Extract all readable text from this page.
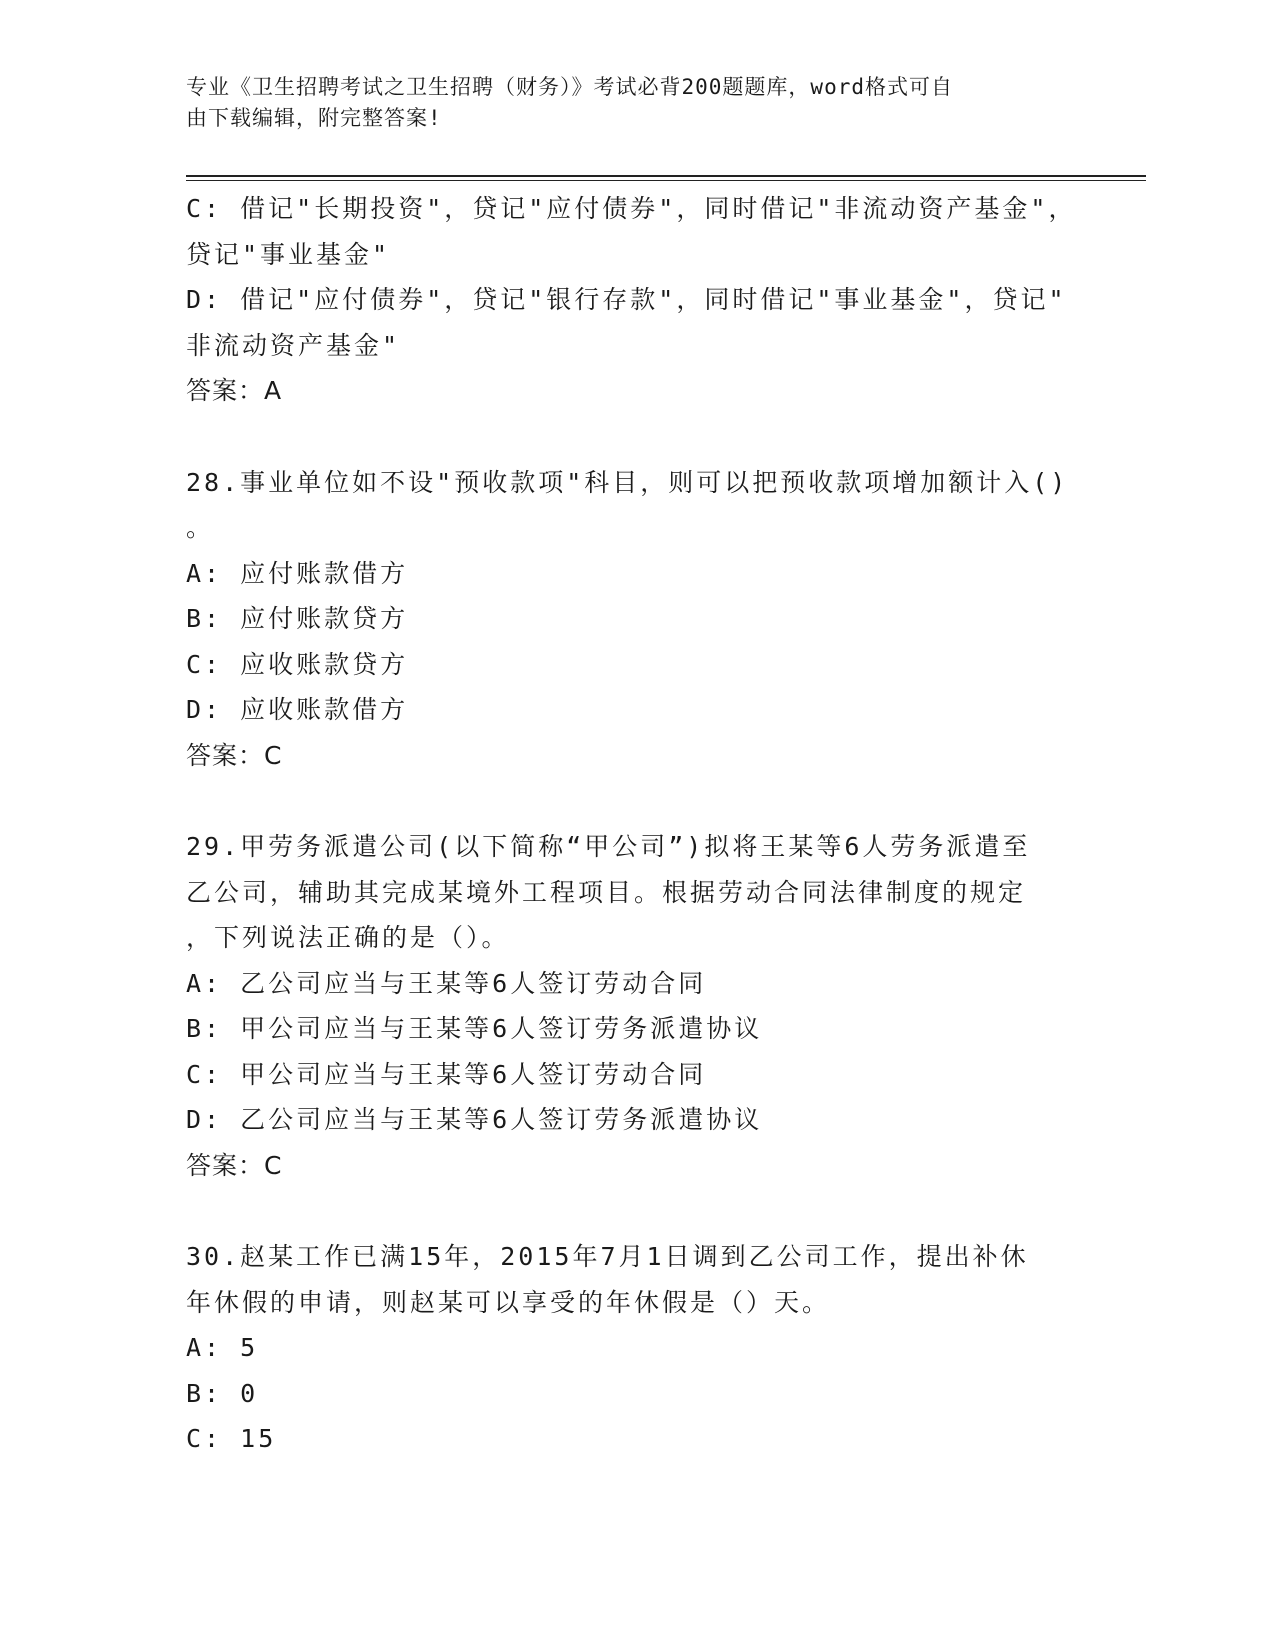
专业《卫生招聘考试之卫生招聘（财务）》考试必背200题题库，word格式可自
由下载编辑，附完整答案!
C: 借记"长期投资"，贷记"应付债券"，同时借记"非流动资产基金"，
贷记"事业基金"
D: 借记"应付债券"，贷记"银行存款"，同时借记"事业基金"，贷记"
非流动资产基金"
答案：A
28.事业单位如不设"预收款项"科目，则可以把预收款项增加额计入()
。
A: 应付账款借方
B: 应付账款贷方
C: 应收账款贷方
D: 应收账款借方
答案：C
29.甲劳务派遣公司(以下简称“甲公司”)拟将王某等6人劳务派遣至
乙公司，辅助其完成某境外工程项目。根据劳动合同法律制度的规定
，下列说法正确的是（）。
A: 乙公司应当与王某等6人签订劳动合同
B: 甲公司应当与王某等6人签订劳务派遣协议
C: 甲公司应当与王某等6人签订劳动合同
D: 乙公司应当与王某等6人签订劳务派遣协议
答案：C
30.赵某工作已满15年，2015年7月1日调到乙公司工作，提出补休
年休假的申请，则赵某可以享受的年休假是（）天。
A: 5
B: 0
C: 15
